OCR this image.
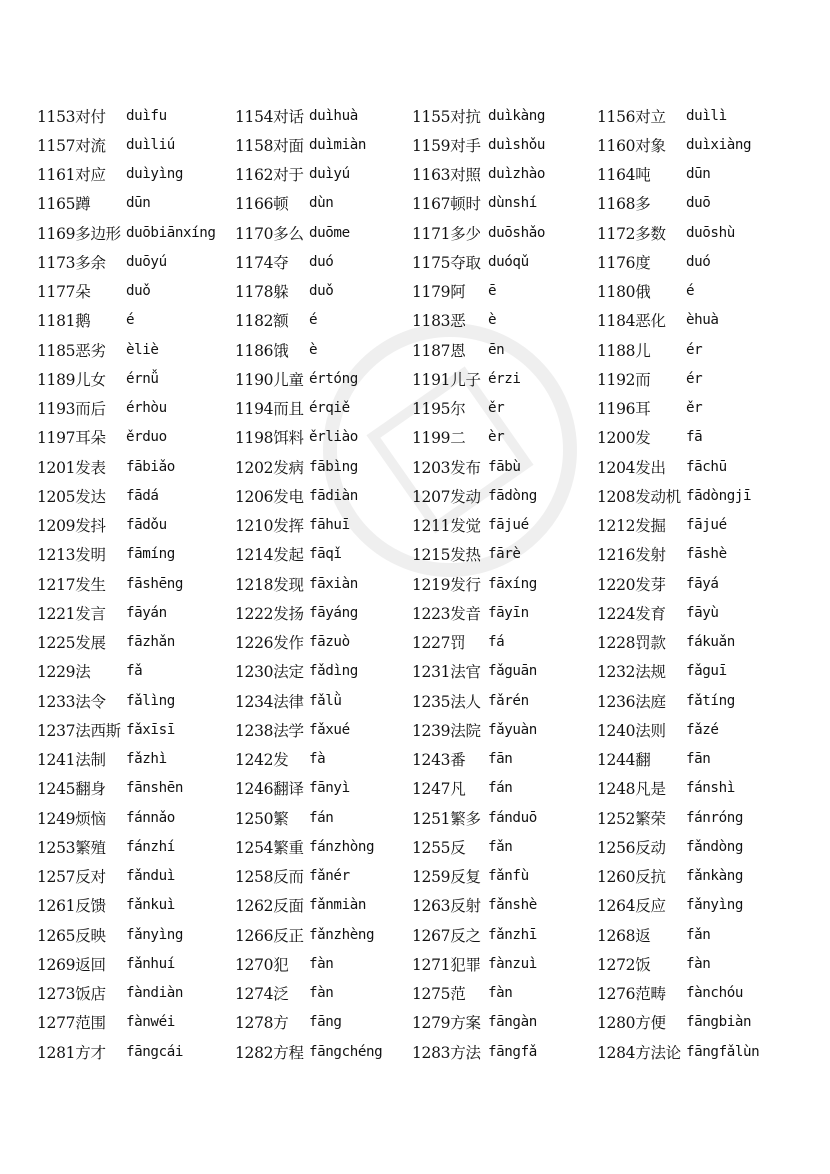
1153对付 duìfu	1154对话 duìhuà	1155对抗 duìkàng	1156对立 duìlì
1157对流 duìliú	1158对面 duìmiàn	1159对手 duìshǒu	1160对象 duìxiàng
1161对应 duìyìng	1162对于 duìyú	1163对照 duìzhào	1164吨	dūn
1165蹲	dūn	1166顿 dùn	1167顿时 dùnshí	1168多	duō
1169多边形 duōbiānxíng 1170多么 duōme	1171多少 duōshǎo	1172多数 duōshù
1173多余 duōyú	1174夺 duó	1175夺取 duóqǔ	1176度	duó
1177朵	duǒ	1178躲 duǒ	1179阿 ē	1180俄	é
1181鹅	é	1182额 é	1183恶 è	1184恶化 èhuà
1185恶劣 èliè	1186饿 è	1187恩 ēn	1188儿	ér
1189儿女 érnǚ	1190儿童 értóng	1191儿子 érzi	1192而	ér
1193而后 érhòu	1194而且 érqiě	1195尔 ěr	1196耳	ěr
1197耳朵 ěrduo	1198饵料 ěrliào	1199二 èr	1200发	fā
1201发表 fābiǎo	1202发病 fābìng	1203发布 fābù	1204发出 fāchū
1205发达 fādá	1206发电 fādiàn	1207发动 fādòng	1208发动机 fādòngjī
1209发抖 fādǒu	1210发挥 fāhuī	1211发觉 fājué	1212发掘 fājué
1213发明 fāmíng	1214发起 fāqǐ	1215发热 fārè	1216发射 fāshè
1217发生 fāshēng	1218发现 fāxiàn	1219发行 fāxíng	1220发芽 fāyá
1221发言 fāyán	1222发扬 fāyáng	1223发音 fāyīn	1224发育 fāyù
1225发展 fāzhǎn	1226发作 fāzuò	1227罚 fá	1228罚款 fákuǎn
1229法	fǎ	1230法定 fǎdìng	1231法官 fǎguān	1232法规 fǎguī
1233法令 fǎlìng	1234法律 fǎlǜ	1235法人 fǎrén	1236法庭 fǎtíng
1237法西斯 fǎxīsī	1238法学 fǎxué	1239法院 fǎyuàn	1240法则 fǎzé
1241法制 fǎzhì	1242发 fà	1243番 fān	1244翻	fān
1245翻身 fānshēn	1246翻译 fānyì	1247凡 fán	1248凡是 fánshì
1249烦恼 fánnǎo	1250繁 fán	1251繁多 fánduō	1252繁荣 fánróng
1253繁殖 fánzhí	1254繁重 fánzhòng 1255反 fǎn	1256反动 fǎndòng
1257反对 fǎnduì	1258反而 fǎnér	1259反复 fǎnfù	1260反抗 fǎnkàng
1261反馈 fǎnkuì	1262反面 fǎnmiàn	1263反射 fǎnshè	1264反应 fǎnyìng
1265反映 fǎnyìng	1266反正 fǎnzhèng 1267反之 fǎnzhī	1268返	fǎn
1269返回 fǎnhuí	1270犯 fàn	1271犯罪 fànzuì	1272饭	fàn
1273饭店 fàndiàn	1274泛 fàn	1275范 fàn	1276范畴 fànchóu
1277范围 fànwéi	1278方 fāng	1279方案 fāngàn	1280方便 fāngbiàn
1281方才 fāngcái	1282方程 fāngchéng 1283方法 fāngfǎ	1284方法论 fāngfǎlùn
